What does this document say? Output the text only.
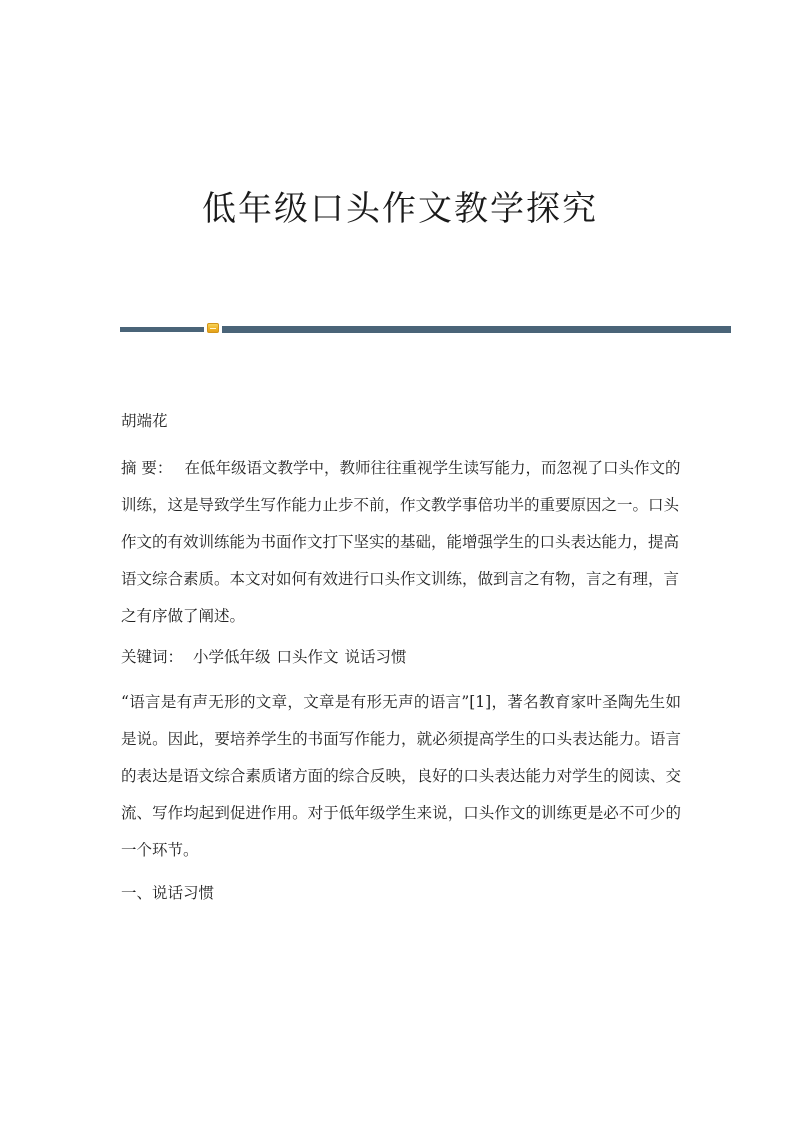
低年级口头作文教学探究

胡端花

摘 要： 在低年级语文教学中，教师往往重视学生读写能力，而忽视了口头作文的训练，这是导致学生写作能力止步不前，作文教学事倍功半的重要原因之一。口头作文的有效训练能为书面作文打下坚实的基础，能增强学生的口头表达能力，提高语文综合素质。本文对如何有效进行口头作文训练，做到言之有物，言之有理，言之有序做了阐述。

关键词： 小学低年级 口头作文 说话习惯

“语言是有声无形的文章，文章是有形无声的语言”[1]，著名教育家叶圣陶先生如是说。因此，要培养学生的书面写作能力，就必须提高学生的口头表达能力。语言的表达是语文综合素质诸方面的综合反映，良好的口头表达能力对学生的阅读、交流、写作均起到促进作用。对于低年级学生来说，口头作文的训练更是必不可少的一个环节。

一、说话习惯
